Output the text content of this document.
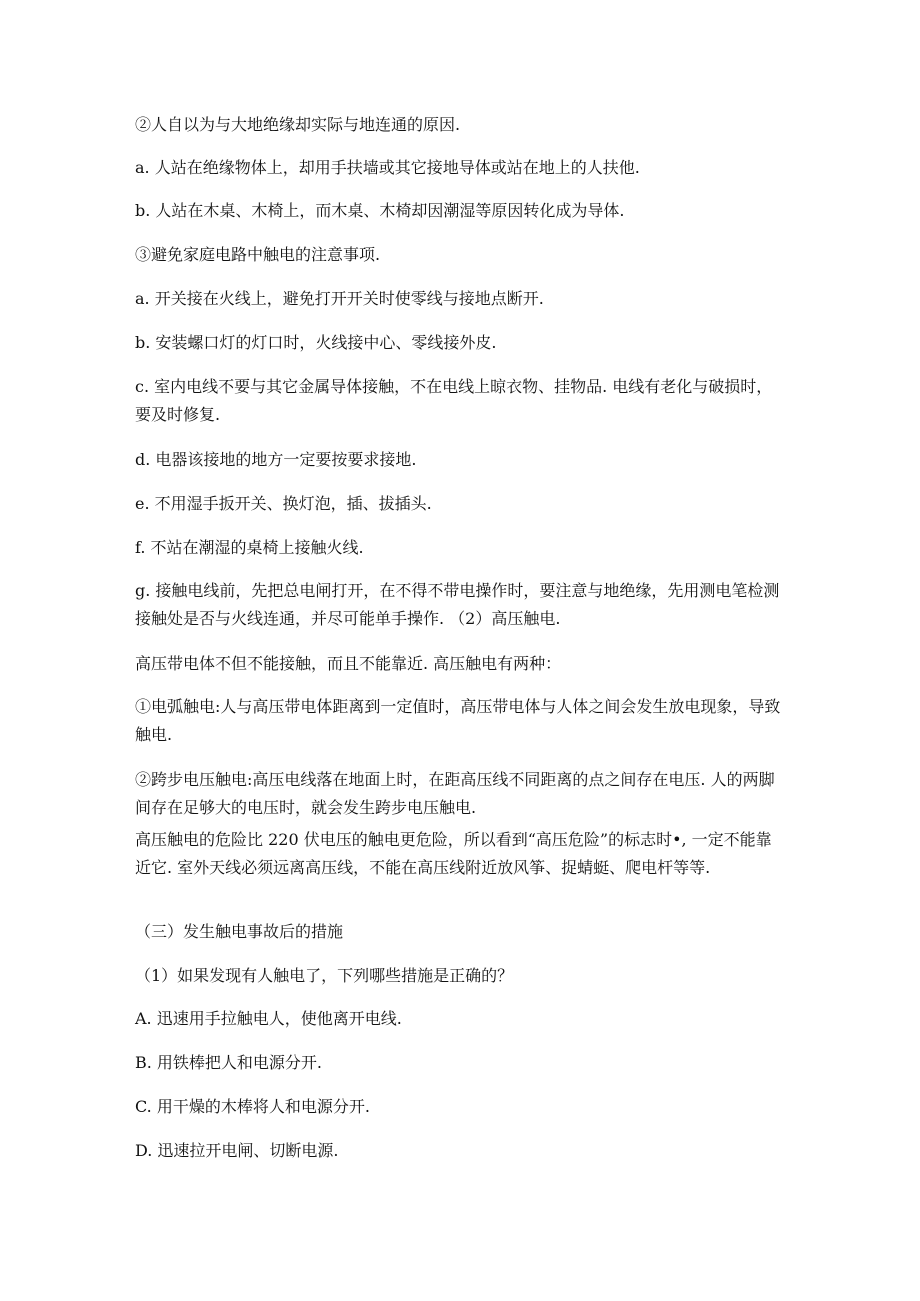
②人自以为与大地绝缘却实际与地连通的原因.

a. 人站在绝缘物体上，却用手扶墙或其它接地导体或站在地上的人扶他.

b. 人站在木桌、木椅上，而木桌、木椅却因潮湿等原因转化成为导体.

③避免家庭电路中触电的注意事项.

a. 开关接在火线上，避免打开开关时使零线与接地点断开.

b. 安装螺口灯的灯口时，火线接中心、零线接外皮.

c. 室内电线不要与其它金属导体接触，不在电线上晾衣物、挂物品. 电线有老化与破损时，要及时修复.

d. 电器该接地的地方一定要按要求接地.

e. 不用湿手扳开关、换灯泡，插、拔插头.

f. 不站在潮湿的桌椅上接触火线.

g. 接触电线前，先把总电闸打开，在不得不带电操作时，要注意与地绝缘，先用测电笔检测接触处是否与火线连通，并尽可能单手操作. （2）高压触电.

高压带电体不但不能接触，而且不能靠近. 高压触电有两种：

①电弧触电:人与高压带电体距离到一定值时，高压带电体与人体之间会发生放电现象，导致触电.

②跨步电压触电:高压电线落在地面上时，在距高压线不同距离的点之间存在电压. 人的两脚间存在足够大的电压时，就会发生跨步电压触电.

高压触电的危险比 220 伏电压的触电更危险，所以看到“高压危险”的标志时•, 一定不能靠近它. 室外天线必须远离高压线，不能在高压线附近放风筝、捉蜻蜓、爬电杆等等.

（三）发生触电事故后的措施

（1）如果发现有人触电了，下列哪些措施是正确的？

A. 迅速用手拉触电人，使他离开电线.

B. 用铁棒把人和电源分开.

C. 用干燥的木棒将人和电源分开.

D. 迅速拉开电闸、切断电源.
